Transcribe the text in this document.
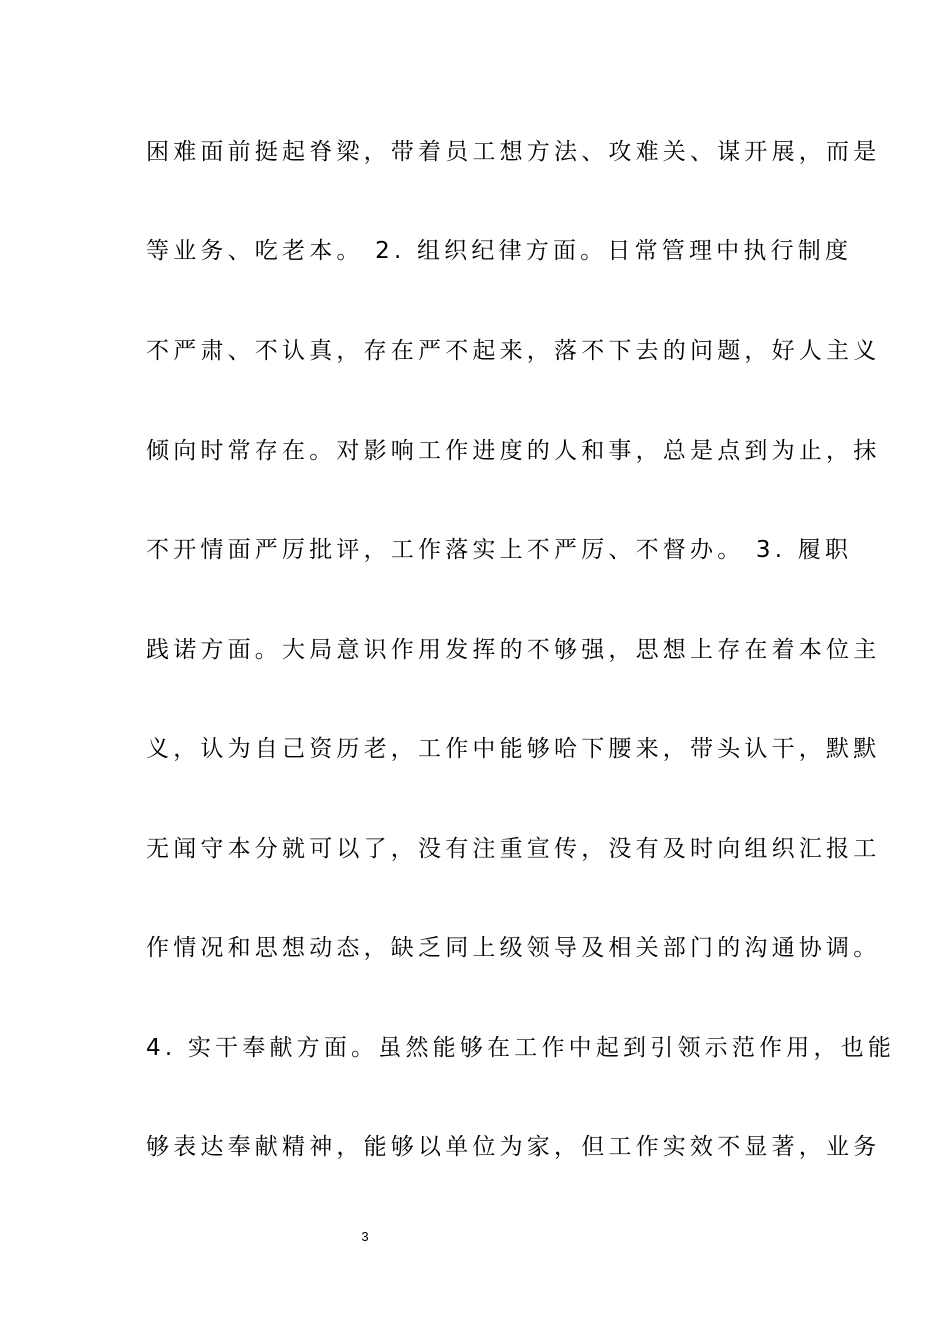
困难面前挺起脊梁，带着员工想方法、攻难关、谋开展，而是
等业务、吃老本。 2. 组织纪律方面。日常管理中执行制度
不严肃、不认真，存在严不起来，落不下去的问题，好人主义
倾向时常存在。对影响工作进度的人和事，总是点到为止，抹
不开情面严厉批评，工作落实上不严厉、不督办。 3. 履职
践诺方面。大局意识作用发挥的不够强，思想上存在着本位主
义，认为自己资历老，工作中能够哈下腰来，带头认干，默默
无闻守本分就可以了，没有注重宣传，没有及时向组织汇报工
作情况和思想动态，缺乏同上级领导及相关部门的沟通协调。
4. 实干奉献方面。虽然能够在工作中起到引领示范作用，也能
够表达奉献精神，能够以单位为家，但工作实效不显著，业务
3
